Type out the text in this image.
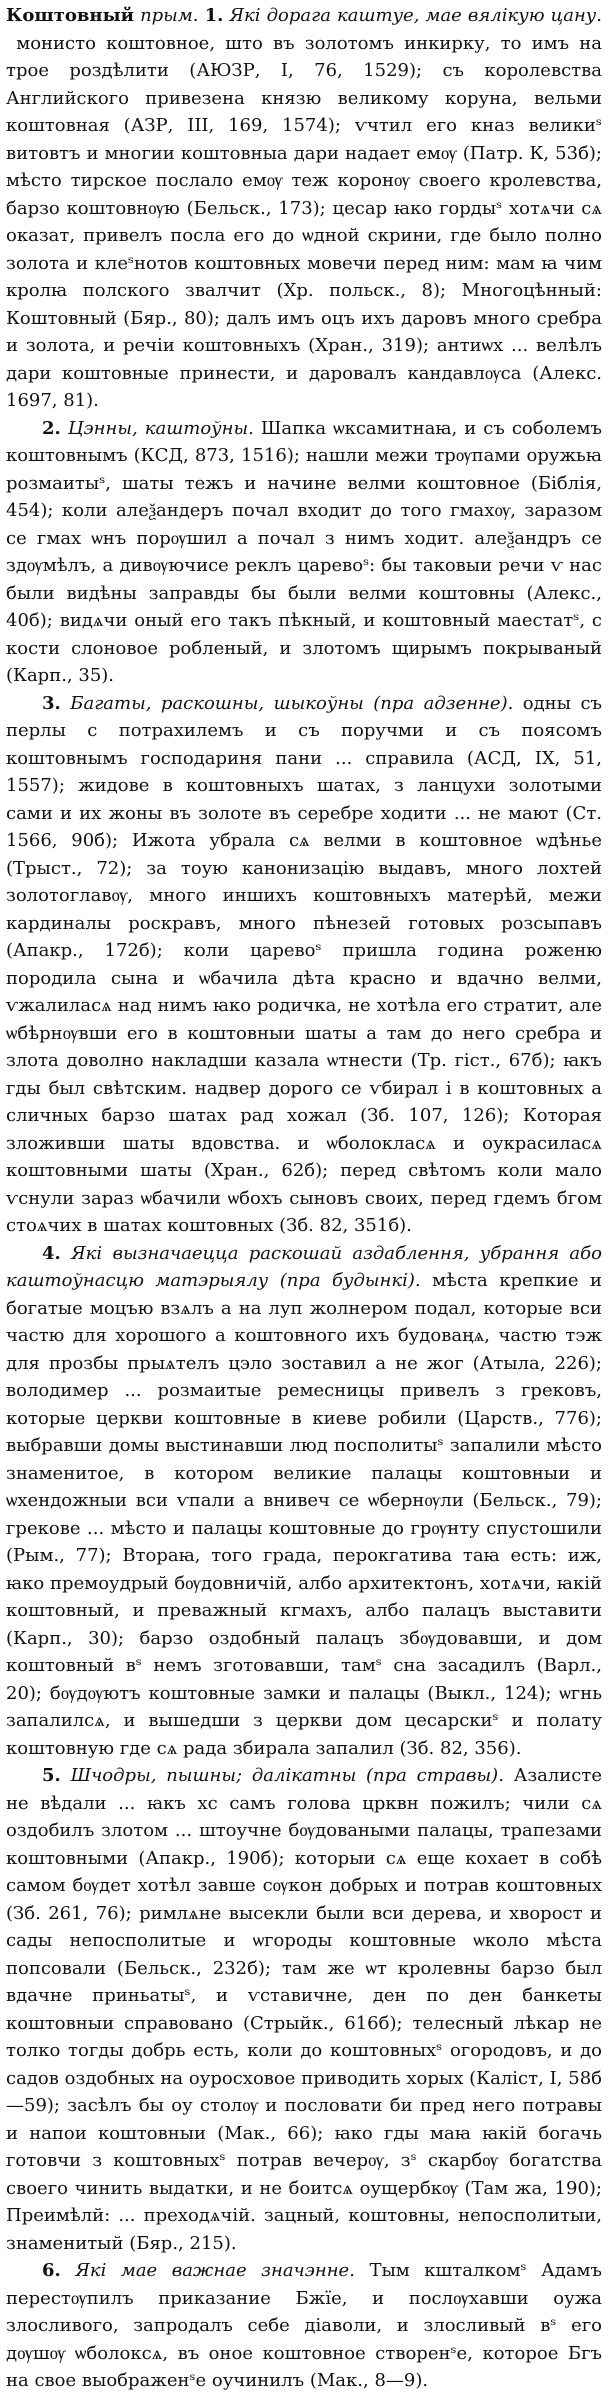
Коштовный прым. 1. Які дорага каштуе, мае вялікую цану. монисто коштовное, што въ золотомъ инкирку, то имъ на трое роздѣлити (АЮЗР, I, 76, 1529); съ королевства Английского привезена князю великому коруна, вельми коштовная (АЗР, III, 169, 1574); ѵчтил его кназ великиˢ витовтъ и многии коштовныа дари надает емѹ (Патр. К, 53б); мѣсто тирское послало емѹ теж коронѹ своего кролевства, барзо коштовнѹю (Бельск., 173); цесар ꙗко гордыˢ хотѧчи сѧ оказат, привелъ посла его до ѡдной скрини, где было полно золота и клеˢнотов коштовных мовечи перед ним: мам ꙗ чим кролꙗ полского звалчит (Хр. польск., 8); Многоцѣнный: Коштовный (Бяр., 80); далъ имъ оцъ ихъ даровъ много сребра и золота, и речіи коштовныхъ (Хран., 319); антиѡх ... велѣлъ дари коштовные принести, и даровалъ кандавлѹса (Алекс. 1697, 81).

2. Цэнны, каштоўны. Шапка ѡксамитнаꙗ, и съ соболемъ коштовнымъ (КСД, 873, 1516); нашли межи трѹпами оружьꙗ розмаитыˢ, шаты тежъ и начине велми коштовное (Біблія, 454); коли алеѯандеръ почал входит до того гмахѹ, заразом се гмах ѡнъ порѹшил а почал з нимъ ходит. алеѯандръ се здѹмѣлъ, а дивѹючисе реклъ царевоˢ: бы таковыи речи ѵ нас были видѣны заправды бы были велми коштовны (Алекс., 40б); видѧчи оный его такъ пѣкный, и коштовный маестатˢ, с кости слоновое робленый, и злотомъ щирымъ покрываный (Карп., 35).

3. Багаты, раскошны, шыкоўны (пра адзенне). одны съ перлы с потрахилемъ и съ поручми и съ поясомъ коштовнымъ господариня пани ... справила (АСД, IX, 51, 1557); жидове в коштовныхъ шатах, з ланцухи золотыми сами и их жоны въ золоте въ серебре ходити ... не мают (Ст. 1566, 90б); Ижота убрала сѧ велми в коштовное ѡдѣнье (Трыст., 72); за тоую канонизацію выдавъ, много лохтей золотоглавѹ, много иншихъ коштовныхъ матерѣй, межи кардиналы роскравъ, много пѣнезей готовых розсыпавъ (Апакр., 172б); коли царевоˢ пришла година роженю породила сына и ѡбачила дѣта красно и вдачно велми, ѵжалиласѧ над нимъ ꙗко родичка, не хотѣла его стратит, але ѡбѣрнѹвши его в коштовныи шаты а там до него сребра и злота доволно накладши казала ѡтнести (Тр. гіст., 67б); ꙗкъ гды был свѣтским. надвер дорого се ѵбирал і в коштовных а сличных барзо шатах рад хожал (Зб. 107, 126); Которая зложивши шаты вдовства. и ѡболокласѧ и оукрасиласѧ коштовными шаты (Хран., 62б); перед свѣтомъ коли мало ѵснули зараз ѡбачили ѡбохъ сыновъ своих, перед гдемъ бгом стоѧчих в шатах коштовных (Зб. 82, 351б).

4. Які вызначаецца раскошай аздаблення, убрання або каштоўнасцю матэрыялу (пра будынкі). мѣста крепкие и богатые моцъю взѧлъ а на луп жолнером подал, которые вси частю для хорошого а коштовного ихъ будоваңѧ, частю тэж для прозбы прыѧтелъ цэло зоставил а не жог (Атыла, 226); володимер ... розмаитые ремесницы привелъ з грековъ, которые церкви коштовные в киеве робили (Царств., 776); выбравши домы выстинавши люд посполитыˢ запалили мѣсто знаменитое, в котором великие палацы коштовныи и ѡхендожныи вси ѵпали а внивеч се ѡбернѹли (Бельск., 79); грекове ... мѣсто и палацы коштовные до грѹнту спустошили (Рым., 77); Втораꙗ, того града, перокгатива таꙗ есть: иж, ꙗко премоудрый бѹдовничій, албо архитектонъ, хотѧчи, ꙗкій коштовный, и преважный кгмахъ, албо палацъ выставити (Карп., 30); барзо оздобный палацъ збѹдовавши, и дом коштовный вˢ немъ зготовавши, тамˢ сна засадилъ (Варл., 20); бѹдѹютъ коштовные замки и палацы (Выкл., 124); ѡгнь запалилсѧ, и вышедши з церкви дом цесарскиˢ и полату коштовную где сѧ рада збирала запалил (Зб. 82, 356).

5. Шчодры, пышны; далікатны (пра стравы). Азалисте не вѣдали ... ꙗкъ хс самъ голова црквн пожилъ; чили сѧ оздобилъ злотом ... штоучне бѹдоваными палацы, трапезами коштовными (Апакр., 190б); которыи сѧ еще кохает в собѣ самом бѹдет хотѣл завше сѹкон добрых и потрав коштовных (Зб. 261, 76); римлѧне высекли были вси дерева, и хворост и сады непосполитые и ѡгороды коштовные ѡколо мѣста попсовали (Бельск., 232б); там же ѡт кролевны барзо был вдачне приньатыˢ, и ѵставичне, ден по ден банкеты коштовныи справовано (Стрыйк., 616б); телесный лѣкар не толко тогды добрь есть, коли до коштовныхˢ огородовъ, и до садов оздобных на оуросховое приводить хорых (Каліст, I, 58б—59); засѣлъ бы оу столѹ и пословати би пред него потравы и напои коштовныи (Мак., 66); ꙗко гды маꙗ ꙗкій богачь готовчи з коштовныхˢ потрав вечерѹ, зˢ скарбѹ богатства своего чинить выдатки, и не боитсѧ оущербкѹ (Там жа, 190); Преимѣлй: ... преходѧчій. зацный, коштовны, непосполитыи, знаменитый (Бяр., 215).

6. Які мае важнае значэнне. Тым кшталкомˢ Адамъ перестѹпилъ приказание Бжїе, и послѹхавши оужа злосливого, запродалъ себе діаволи, и злосливый вˢ его дѹшѹ ѡболоксѧ, въ оное коштовное створенˢе, которое Бгъ на свое выображенˢе оучинилъ (Мак., 8—9).
